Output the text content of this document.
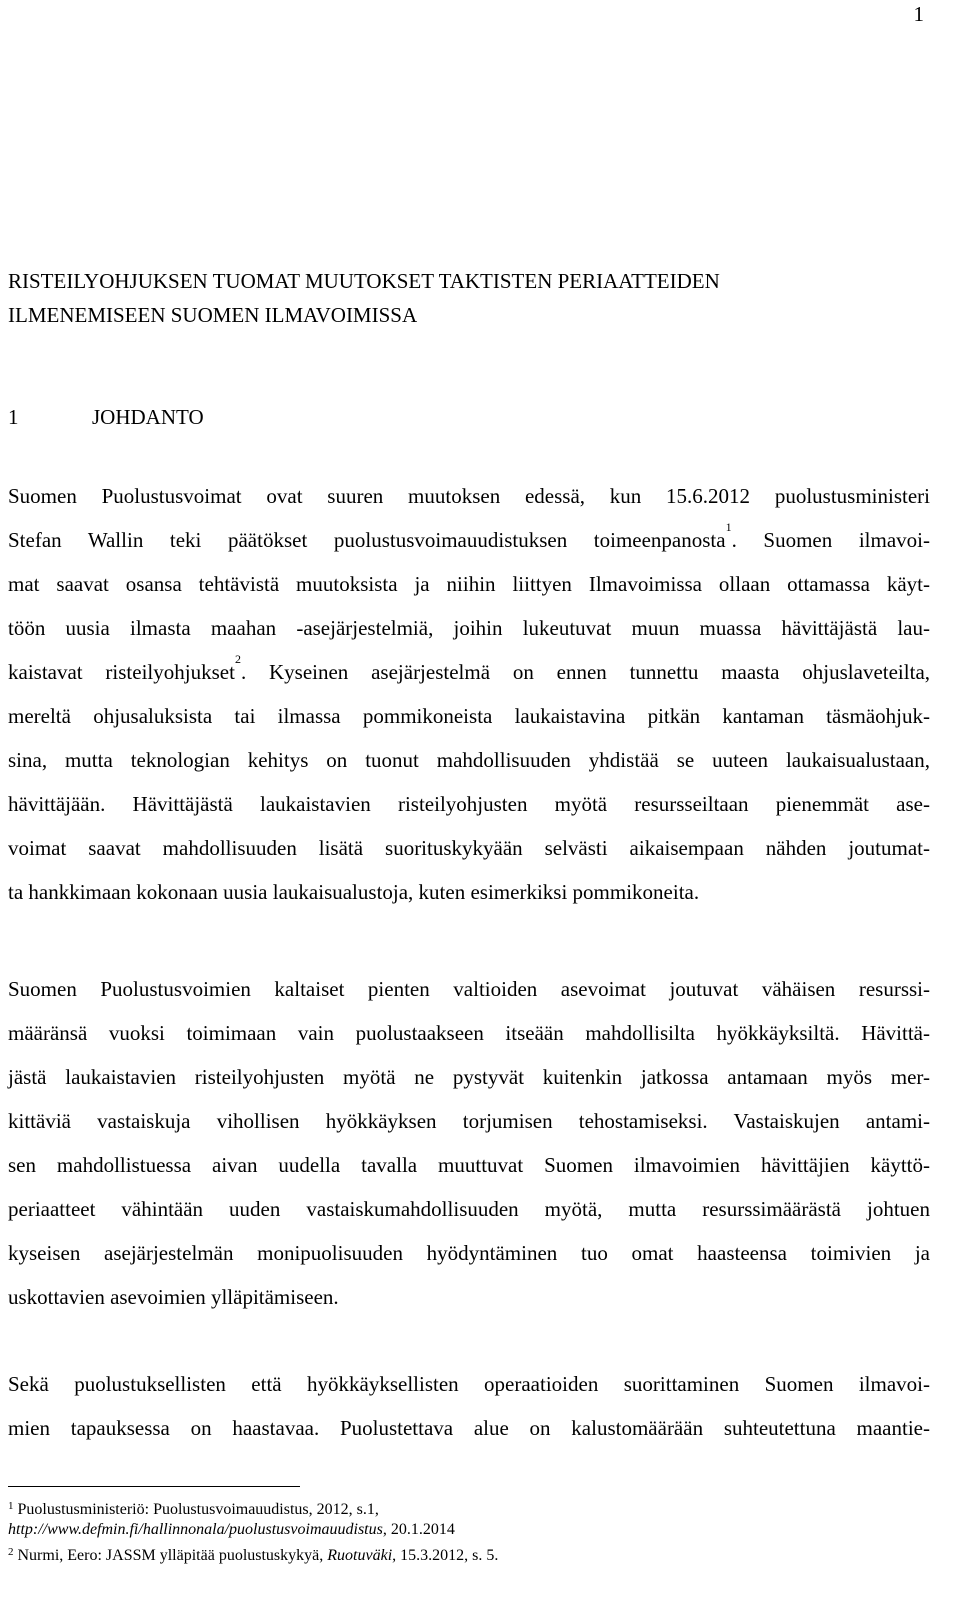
1
RISTEILYOHJUKSEN TUOMAT MUUTOKSET TAKTISTEN PERIAATTEIDEN
ILMENEMISEEN SUOMEN ILMAVOIMISSA
1	JOHDANTO
Suomen Puolustusvoimat ovat suuren muutoksen edessä, kun 15.6.2012 puolustusministeri
Stefan Wallin teki päätökset puolustusvoimauudistuksen toimeenpanosta$^1$. Suomen ilmavoi-
mat saavat osansa tehtävistä muutoksista ja niihin liittyen Ilmavoimissa ollaan ottamassa käyt-
töön uusia ilmasta maahan -asejärjestelmiä, joihin lukeutuvat muun muassa hävittäjästä lau-
kaistavat risteilyohjukset$^2$. Kyseinen asejärjestelmä on ennen tunnettu maasta ohjuslaveteilta,
mereltä ohjusaluksista tai ilmassa pommikoneista laukaistavina pitkän kantaman täsmäohjuk-
sina, mutta teknologian kehitys on tuonut mahdollisuuden yhdistää se uuteen laukaisualustaan,
hävittäjään. Hävittäjästä laukaistavien risteilyohjusten myötä resursseiltaan pienemmät ase-
voimat saavat mahdollisuuden lisätä suorituskykyään selvästi aikaisempaan nähden joutumat-
ta hankkimaan kokonaan uusia laukaisualustoja, kuten esimerkiksi pommikoneita.
Suomen Puolustusvoimien kaltaiset pienten valtioiden asevoimat joutuvat vähäisen resurssi-
määränsä vuoksi toimimaan vain puolustaakseen itseään mahdollisilta hyökkäyksiltä. Hävittä-
jästä laukaistavien risteilyohjusten myötä ne pystyvät kuitenkin jatkossa antamaan myös mer-
kittäviä vastaiskuja vihollisen hyökkäyksen torjumisen tehostamiseksi. Vastaiskujen antami-
sen mahdollistuessa aivan uudella tavalla muuttuvat Suomen ilmavoimien hävittäjien käyttö-
periaatteet vähintään uuden vastaiskumahdollisuuden myötä, mutta resurssimäärästä johtuen
kyseisen asejärjestelmän monipuolisuuden hyödyntäminen tuo omat haasteensa toimivien ja
uskottavien asevoimien ylläpitämiseen.
Sekä puolustuksellisten että hyökkäyksellisten operaatioiden suorittaminen Suomen ilmavoi-
mien tapauksessa on haastavaa. Puolustettava alue on kalustomäärään suhteutettuna maantie-

$^1$ Puolustusministeriö: Puolustusvoimauudistus, 2012, s.1,
http://www.defmin.fi/hallinnonala/puolustusvoimauudistus, 20.1.2014

$^2$ Nurmi, Eero: JASSM ylläpitää puolustuskykyä, Ruotuväki, 15.3.2012, s. 5.
